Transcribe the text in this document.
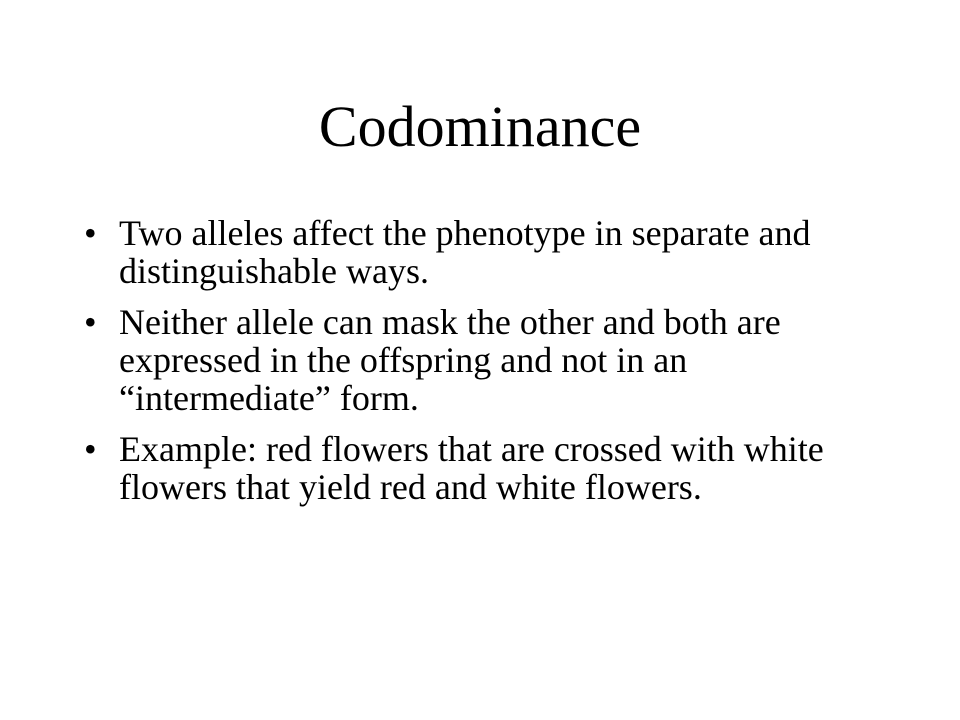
Codominance
• Two alleles affect the phenotype in separate and distinguishable ways.
• Neither allele can mask the other and both are expressed in the offspring and not in an “intermediate” form.
• Example: red flowers that are crossed with white flowers that yield red and white flowers.
